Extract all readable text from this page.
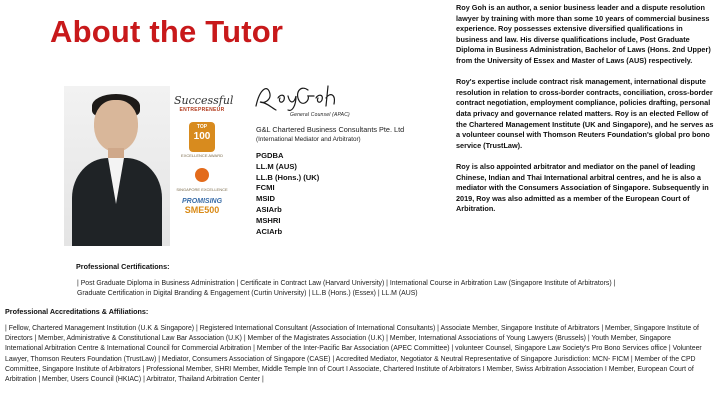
About the Tutor
Successful
ENTREPRENEUR
TOP
100
EXCELLENCE AWARD
SINGAPORE EXCELLENCE
PROMISING
SME500
General Counsel (APAC)
G&L Chartered Business Consultants Pte. Ltd
(International Mediator and Arbitrator)
PGDBA
LL.M (AUS)
LL.B (Hons.) (UK)
FCMI
MSID
ASIArb
MSHRI
ACIArb

Roy Goh is an author, a senior business leader and a dispute resolution lawyer by training with more than some 10 years of commercial business experience. Roy possesses extensive diversified qualifications in business and law. His diverse qualifications include, Post Graduate Diploma in Business Administration, Bachelor of Laws (Hons. 2nd Upper) from the University of Essex and Master of Laws (AUS) respectively.

Roy's expertise include contract risk management, international dispute resolution in relation to cross-border contracts, conciliation, cross-border contract negotiation, employment compliance, policies drafting, personal data privacy and governance related matters. Roy is an elected Fellow of the Chartered Management Institute (UK and Singapore), and he serves as a volunteer counsel with Thomson Reuters Foundation's global pro bono service (TrustLaw).

Roy is also appointed arbitrator and mediator on the panel of leading Chinese, Indian and Thai International arbitral centres, and he is also a mediator with the Consumers Association of Singapore. Subsequently in 2019, Roy was also admitted as a member of the European Court of Arbitration.

Professional Certifications:
| Post Graduate Diploma in Business Administration | Certificate in Contract Law (Harvard University) | International Course in Arbitration Law (Singapore Institute of Arbitrators) | Graduate Certification in Digital Branding & Engagement (Curtin University) | LL.B (Hons.) (Essex) | LL.M (AUS)
Professional Accreditations & Affiliations:
| Fellow, Chartered Management Institution (U.K & Singapore) | Registered International Consultant (Association of International Consultants) | Associate Member, Singapore Institute of Arbitrators | Member, Singapore Institute of Directors | Member, Administrative & Constitutional Law Bar Association (U.K) | Member of the Magistrates Association (U.K) | Member, International Associations of Young Lawyers (Brussels) | Youth Member, Singapore International Arbitration Centre & International Council for Commercial Arbitration | Member of the Inter-Pacific Bar Association (APEC Committee) | volunteer Counsel, Singapore Law Society's Pro Bono Services office | Volunteer Lawyer, Thomson Reuters Foundation (TrustLaw) | Mediator, Consumers Association of Singapore (CASE) | Accredited Mediator, Negotiator & Neutral Representative of Singapore Jurisdiction: MCN- FICM | Member of the CPD Committee, Singapore Institute of Arbitrators | Professional Member, SHRI Member, Middle Temple Inn of Court I Associate, Chartered Institute of Arbitrators I Member, Swiss Arbitration Association I Member, European Court of Arbitration | Member, Users Council (HKIAC) | Arbitrator, Thailand Arbitration Center |
